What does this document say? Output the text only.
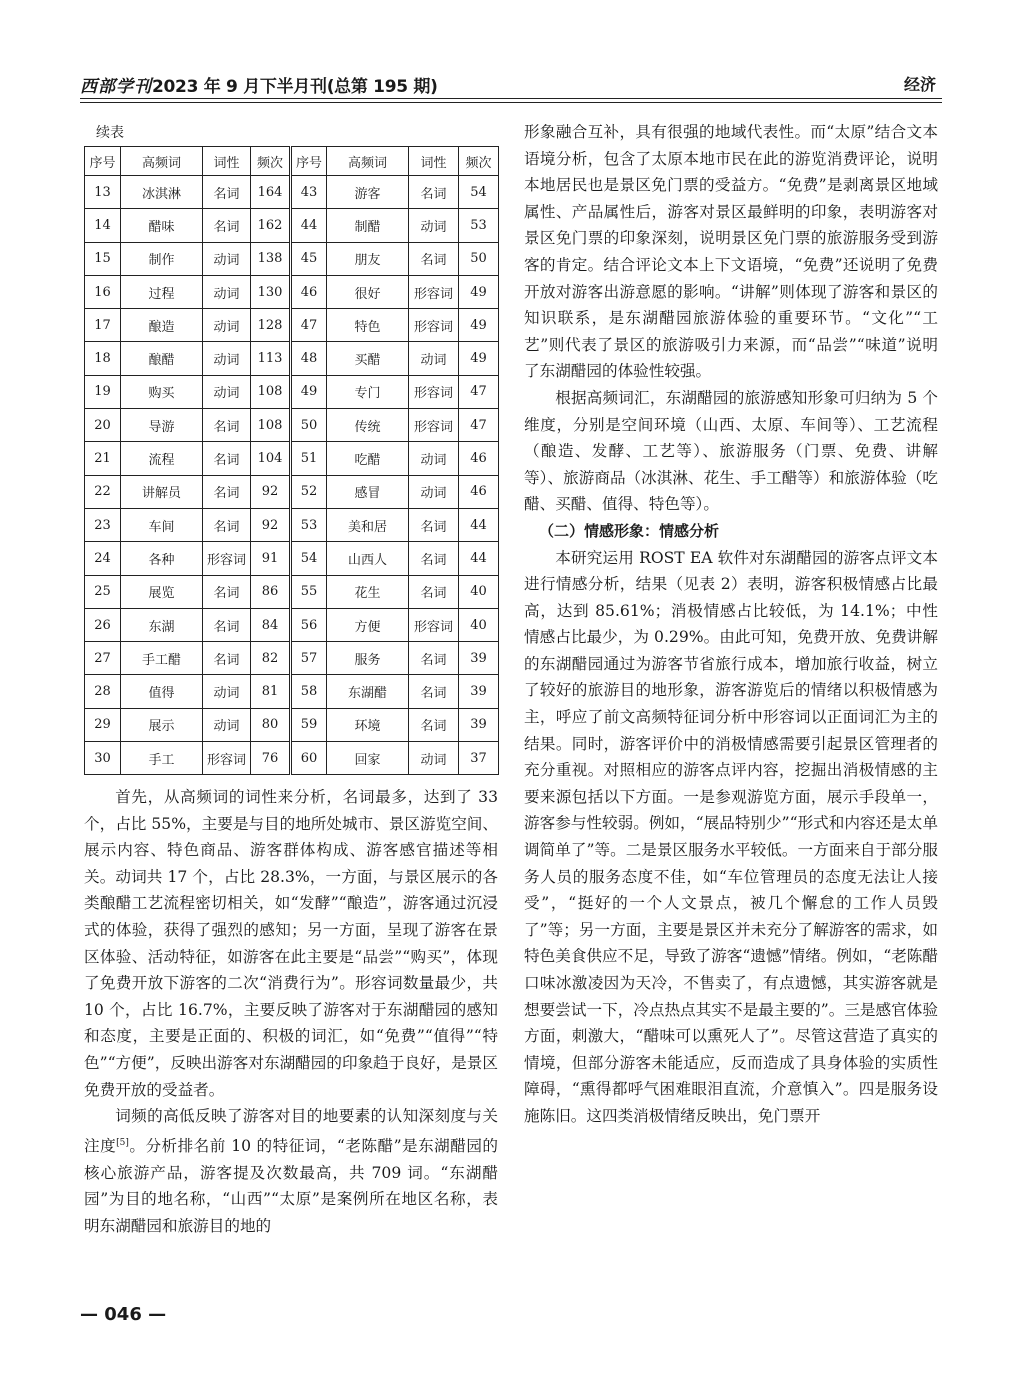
西部学刊2023 年 9 月下半月刊(总第 195 期)	经济
续表
序号	高频词	词性	频次	序号	高频词	词性	频次
13	冰淇淋	名词	164	43	游客	名词	54
14	醋味	名词	162	44	制醋	动词	53
15	制作	动词	138	45	朋友	名词	50
16	过程	动词	130	46	很好	形容词	49
17	酿造	动词	128	47	特色	形容词	49
18	酿醋	动词	113	48	买醋	动词	49
19	购买	动词	108	49	专门	形容词	47
20	导游	名词	108	50	传统	形容词	47
21	流程	名词	104	51	吃醋	动词	46
22	讲解员	名词	92	52	感冒	动词	46
23	车间	名词	92	53	美和居	名词	44
24	各种	形容词	91	54	山西人	名词	44
25	展览	名词	86	55	花生	名词	40
26	东湖	名词	84	56	方便	形容词	40
27	手工醋	名词	82	57	服务	名词	39
28	值得	动词	81	58	东湖醋	名词	39
29	展示	动词	80	59	环境	名词	39
30	手工	形容词	76	60	回家	动词	37

首先，从高频词的词性来分析，名词最多，达到了 33 个，占比 55%，主要是与目的地所处城市、景区游览空间、展示内容、特色商品、游客群体构成、游客感官描述等相关。动词共 17 个，占比 28.3%，一方面，与景区展示的各类酿醋工艺流程密切相关，如“发酵”“酿造”，游客通过沉浸式的体验，获得了强烈的感知；另一方面，呈现了游客在景区体验、活动特征，如游客在此主要是“品尝”“购买”，体现了免费开放下游客的二次“消费行为”。形容词数量最少，共 10 个，占比 16.7%，主要反映了游客对于东湖醋园的感知和态度，主要是正面的、积极的词汇，如“免费”“值得”“特色”“方便”，反映出游客对东湖醋园的印象趋于良好，是景区免费开放的受益者。

词频的高低反映了游客对目的地要素的认知深刻度与关注度[5]。分析排名前 10 的特征词，“老陈醋”是东湖醋园的核心旅游产品，游客提及次数最高，共 709 词。“东湖醋园”为目的地名称，“山西”“太原”是案例所在地区名称，表明东湖醋园和旅游目的地的

形象融合互补，具有很强的地域代表性。而“太原”结合文本语境分析，包含了太原本地市民在此的游览消费评论，说明本地居民也是景区免门票的受益方。“免费”是剥离景区地域属性、产品属性后，游客对景区最鲜明的印象，表明游客对景区免门票的印象深刻，说明景区免门票的旅游服务受到游客的肯定。结合评论文本上下文语境，“免费”还说明了免费开放对游客出游意愿的影响。“讲解”则体现了游客和景区的知识联系，是东湖醋园旅游体验的重要环节。“文化”“工艺”则代表了景区的旅游吸引力来源，而“品尝”“味道”说明了东湖醋园的体验性较强。

根据高频词汇，东湖醋园的旅游感知形象可归纳为 5 个维度，分别是空间环境（山西、太原、车间等）、工艺流程（酿造、发酵、工艺等）、旅游服务（门票、免费、讲解等）、旅游商品（冰淇淋、花生、手工醋等）和旅游体验（吃醋、买醋、值得、特色等）。

（二）情感形象：情感分析

本研究运用 ROST EA 软件对东湖醋园的游客点评文本进行情感分析，结果（见表 2）表明，游客积极情感占比最高，达到 85.61%；消极情感占比较低，为 14.1%；中性情感占比最少，为 0.29%。由此可知，免费开放、免费讲解的东湖醋园通过为游客节省旅行成本，增加旅行收益，树立了较好的旅游目的地形象，游客游览后的情绪以积极情感为主，呼应了前文高频特征词分析中形容词以正面词汇为主的结果。同时，游客评价中的消极情感需要引起景区管理者的充分重视。对照相应的游客点评内容，挖掘出消极情感的主要来源包括以下方面。一是参观游览方面，展示手段单一，游客参与性较弱。例如，“展品特别少”“形式和内容还是太单调简单了”等。二是景区服务水平较低。一方面来自于部分服务人员的服务态度不佳，如“车位管理员的态度无法让人接受”，“挺好的一个人文景点，被几个懈怠的工作人员毁了”等；另一方面，主要是景区并未充分了解游客的需求，如特色美食供应不足，导致了游客“遗憾”情绪。例如，“老陈醋口味冰激凌因为天冷，不售卖了，有点遗憾，其实游客就是想要尝试一下，冷点热点其实不是最主要的”。三是感官体验方面，刺激大，“醋味可以熏死人了”。尽管这营造了真实的情境，但部分游客未能适应，反而造成了具身体验的实质性障碍，“熏得都呼气困难眼泪直流，介意慎入”。四是服务设施陈旧。这四类消极情绪反映出，免门票开

— 046 —
